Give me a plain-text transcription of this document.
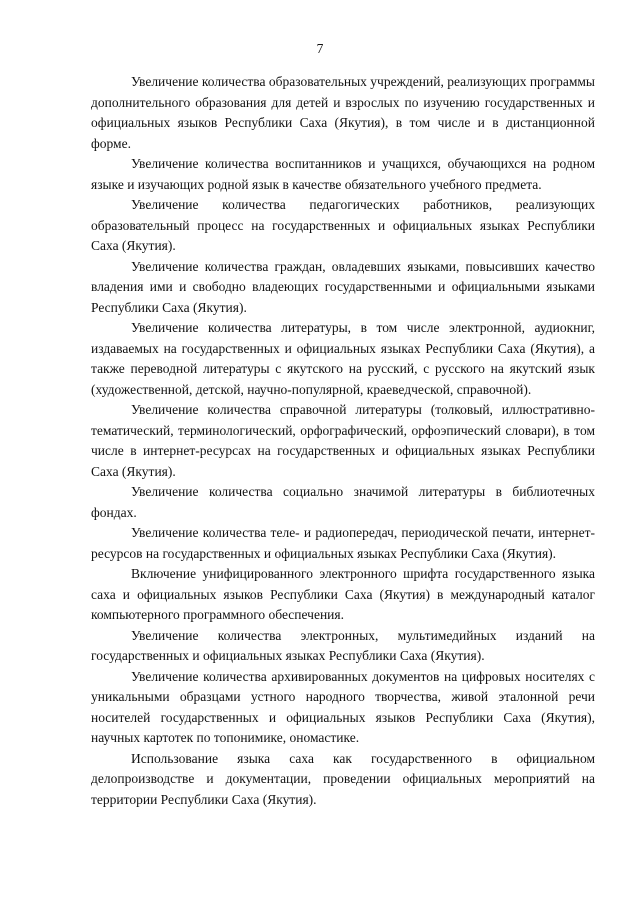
7

Увеличение количества образовательных учреждений, реализующих программы дополнительного образования для детей и взрослых по изучению государственных и официальных языков Республики Саха (Якутия), в том числе и в дистанционной форме.

Увеличение количества воспитанников и учащихся, обучающихся на родном языке и изучающих родной язык в качестве обязательного учебного предмета.

Увеличение количества педагогических работников, реализующих образовательный процесс на государственных и официальных языках Республики Саха (Якутия).

Увеличение количества граждан, овладевших языками, повысивших качество владения ими и свободно владеющих государственными и официальными языками Республики Саха (Якутия).

Увеличение количества литературы, в том числе электронной, аудиокниг, издаваемых на государственных и официальных языках Республики Саха (Якутия), а также переводной литературы с якутского на русский, с русского на якутский язык (художественной, детской, научно-популярной, краеведческой, справочной).

Увеличение количества справочной литературы (толковый, иллюстративно-тематический, терминологический, орфографический, орфоэпический словари), в том числе в интернет-ресурсах на государственных и официальных языках Республики Саха (Якутия).

Увеличение количества социально значимой литературы в библиотечных фондах.

Увеличение количества теле- и радиопередач, периодической печати, интернет-ресурсов на государственных и официальных языках Республики Саха (Якутия).

Включение унифицированного электронного шрифта государственного языка саха и официальных языков Республики Саха (Якутия) в международный каталог компьютерного программного обеспечения.

Увеличение количества электронных, мультимедийных изданий на государственных и официальных языках Республики Саха (Якутия).

Увеличение количества архивированных документов на цифровых носителях с уникальными образцами устного народного творчества, живой эталонной речи носителей государственных и официальных языков Республики Саха (Якутия), научных картотек по топонимике, ономастике.

Использование языка саха как государственного в официальном делопроизводстве и документации, проведении официальных мероприятий на территории Республики Саха (Якутия).
